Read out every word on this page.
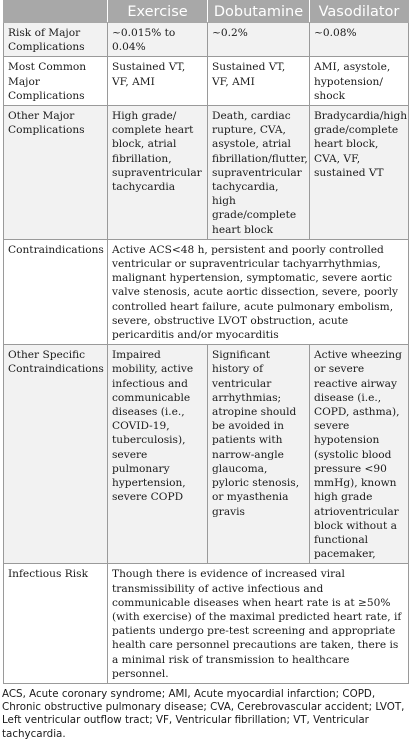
	Exercise	Dobutamine	Vasodilator
Risk of Major Complications	~0.015% to 0.04%	~0.2%	~0.08%
Most Common Major Complications	Sustained VT, VF, AMI	Sustained VT, VF, AMI	AMI, asystole, hypotension/ shock
Other Major Complications	High grade/ complete heart block, atrial fibrillation, supraventricular tachycardia	Death, cardiac rupture, CVA, asystole, atrial fibrillation/flutter, supraventricular tachycardia, high grade/complete heart block	Bradycardia/high grade/complete heart block, CVA, VF, sustained VT
Contraindications	Active ACS<48 h, persistent and poorly controlled ventricular or supraventricular tachyarrhythmias, malignant hypertension, symptomatic, severe aortic valve stenosis, acute aortic dissection, severe, poorly controlled heart failure, acute pulmonary embolism, severe, obstructive LVOT obstruction, acute pericarditis and/or myocarditis		
Other Specific Contraindications	Impaired mobility, active infectious and communicable diseases (i.e., COVID-19, tuberculosis), severe pulmonary hypertension, severe COPD	Significant history of ventricular arrhythmias; atropine should be avoided in patients with narrow-angle glaucoma, pyloric stenosis, or myasthenia gravis	Active wheezing or severe reactive airway disease (i.e., COPD, asthma), severe hypotension (systolic blood pressure <90 mmHg), known high grade atrioventricular block without a functional pacemaker,
Infectious Risk	Though there is evidence of increased viral transmissibility of active infectious and communicable diseases when heart rate is at ≥50% (with exercise) of the maximal predicted heart rate, if patients undergo pre-test screening and appropriate health care personnel precautions are taken, there is a minimal risk of transmission to healthcare personnel.		
ACS, Acute coronary syndrome; AMI, Acute myocardial infarction; COPD, Chronic obstructive pulmonary disease; CVA, Cerebrovascular accident; LVOT, Left ventricular outflow tract; VF, Ventricular fibrillation; VT, Ventricular tachycardia.
